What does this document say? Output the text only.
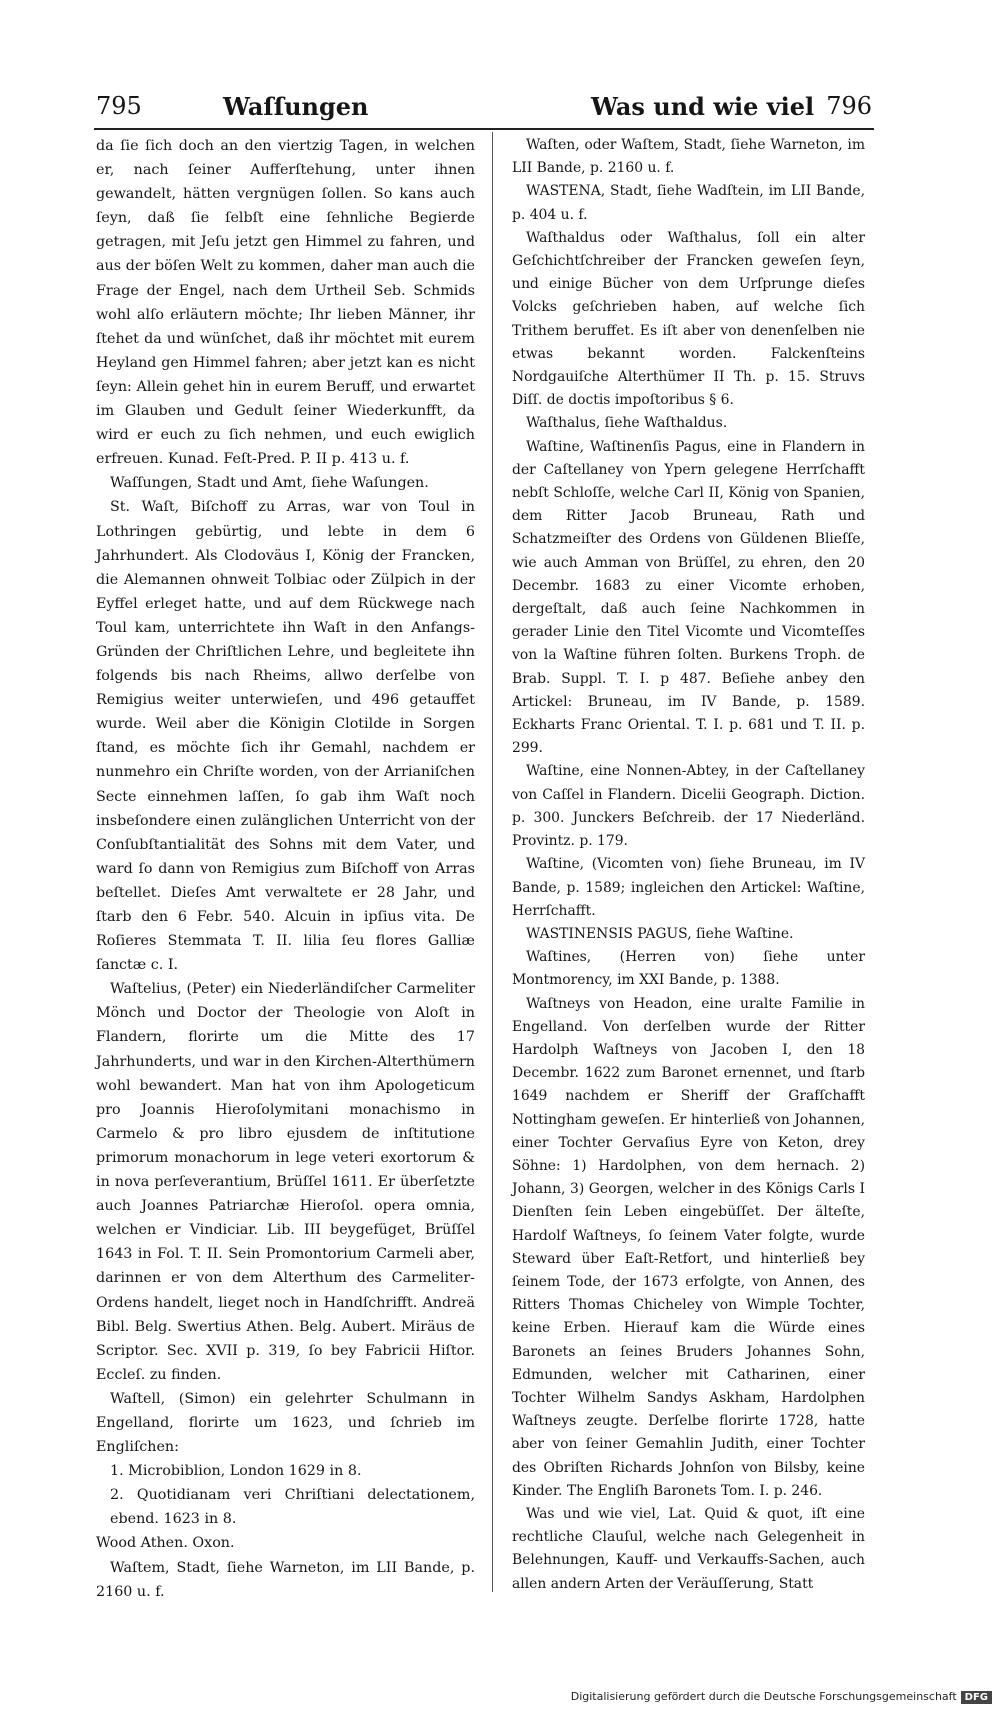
795	Waſſungen	Was und wie viel 796

da ſie ſich doch an den viertzig Tagen, in welchen er, nach ſeiner Aufferſtehung, unter ihnen gewandelt, hätten vergnügen ſollen. So kans auch ſeyn, daß ſie ſelbſt eine ſehnliche Begierde getragen, mit Jeſu jetzt gen Himmel zu fahren, und aus der böſen Welt zu kommen, daher man auch die Frage der Engel, nach dem Urtheil Seb. Schmids wohl alſo erläutern möchte; Ihr lieben Männer, ihr ſtehet da und wünſchet, daß ihr möchtet mit eurem Heyland gen Himmel fahren; aber jetzt kan es nicht ſeyn: Allein gehet hin in eurem Beruff, und erwartet im Glauben und Gedult ſeiner Wiederkunfft, da wird er euch zu ſich nehmen, und euch ewiglich erfreuen. Kunad. Feſt-Pred. P. II p. 413 u. f.

Waſſungen, Stadt und Amt, ſiehe Waſungen.

St. Waſt, Biſchoff zu Arras, war von Toul in Lothringen gebürtig, und lebte in dem 6 Jahrhundert. Als Clodoväus I, König der Francken, die Alemannen ohnweit Tolbiac oder Zülpich in der Eyffel erleget hatte, und auf dem Rückwege nach Toul kam, unterrichtete ihn Waſt in den Anfangs-Gründen der Chriſtlichen Lehre, und begleitete ihn folgends bis nach Rheims, allwo derſelbe von Remigius weiter unterwieſen, und 496 getauffet wurde. Weil aber die Königin Clotilde in Sorgen ſtand, es möchte ſich ihr Gemahl, nachdem er nunmehro ein Chriſte worden, von der Arrianiſchen Secte einnehmen laſſen, ſo gab ihm Waſt noch insbeſondere einen zulänglichen Unterricht von der Conſubſtantialität des Sohns mit dem Vater, und ward ſo dann von Remigius zum Biſchoff von Arras beſtellet. Dieſes Amt verwaltete er 28 Jahr, und ſtarb den 6 Febr. 540. Alcuin in ipſius vita. De Roſieres Stemmata T. II. lilia ſeu flores Galliæ ſanctæ c. I.

Waſtelius, (Peter) ein Niederländiſcher Carmeliter Mönch und Doctor der Theologie von Aloſt in Flandern, florirte um die Mitte des 17 Jahrhunderts, und war in den Kirchen-Alterthümern wohl bewandert. Man hat von ihm Apologeticum pro Joannis Hieroſolymitani monachismo in Carmelo & pro libro ejusdem de inſtitutione primorum monachorum in lege veteri exortorum & in nova perſeverantium, Brüſſel 1611. Er überſetzte auch Joannes Patriarchæ Hieroſol. opera omnia, welchen er Vindiciar. Lib. III beygefüget, Brüſſel 1643 in Fol. T. II. Sein Promontorium Carmeli aber, darinnen er von dem Alterthum des Carmeliter-Ordens handelt, lieget noch in Handſchrifft. Andreä Bibl. Belg. Swertius Athen. Belg. Aubert. Miräus de Scriptor. Sec. XVII p. 319, ſo bey Fabricii Hiſtor. Eccleſ. zu finden.

Waſtell, (Simon) ein gelehrter Schulmann in Engelland, florirte um 1623, und ſchrieb im Engliſchen:

1. Microbiblion, London 1629 in 8.

2. Quotidianam veri Chriſtiani delectationem, ebend. 1623 in 8.

Wood Athen. Oxon.

Waſtem, Stadt, ſiehe Warneton, im LII Bande, p. 2160 u. f.

Waſten, oder Waſtem, Stadt, ſiehe Warneton, im LII Bande, p. 2160 u. f.

WASTENA, Stadt, ſiehe Wadſtein, im LII Bande, p. 404 u. f.

Waſthaldus oder Waſthalus, ſoll ein alter Geſchichtſchreiber der Francken geweſen ſeyn, und einige Bücher von dem Urſprunge dieſes Volcks geſchrieben haben, auf welche ſich Trithem beruffet. Es iſt aber von denenſelben nie etwas bekannt worden. Falckenſteins Nordgauiſche Alterthümer II Th. p. 15. Struvs Diſſ. de doctis impoſtoribus § 6.

Waſthalus, ſiehe Waſthaldus.

Waſtine, Waſtinenſis Pagus, eine in Flandern in der Caſtellaney von Ypern gelegene Herrſchafft nebſt Schloſſe, welche Carl II, König von Spanien, dem Ritter Jacob Bruneau, Rath und Schatzmeiſter des Ordens von Güldenen Blieſſe, wie auch Amman von Brüſſel, zu ehren, den 20 Decembr. 1683 zu einer Vicomte erhoben, dergeſtalt, daß auch ſeine Nachkommen in gerader Linie den Titel Vicomte und Vicomteſſes von la Waſtine führen ſolten. Burkens Troph. de Brab. Suppl. T. I. p 487. Beſiehe anbey den Artickel: Bruneau, im IV Bande, p. 1589. Eckharts Franc Oriental. T. I. p. 681 und T. II. p. 299.

Waſtine, eine Nonnen-Abtey, in der Caſtellaney von Caſſel in Flandern. Dicelii Geograph. Diction. p. 300. Junckers Beſchreib. der 17 Niederländ. Provintz. p. 179.

Waſtine, (Vicomten von) ſiehe Bruneau, im IV Bande, p. 1589; ingleichen den Artickel: Waſtine, Herrſchafft.

WASTINENSIS PAGUS, ſiehe Waſtine.

Waſtines, (Herren von) ſiehe unter Montmorency, im XXI Bande, p. 1388.

Waſtneys von Headon, eine uralte Familie in Engelland. Von derſelben wurde der Ritter Hardolph Waſtneys von Jacoben I, den 18 Decembr. 1622 zum Baronet ernennet, und ſtarb 1649 nachdem er Sheriff der Grafſchafft Nottingham geweſen. Er hinterließ von Johannen, einer Tochter Gervaſius Eyre von Keton, drey Söhne: 1) Hardolphen, von dem hernach. 2) Johann, 3) Georgen, welcher in des Königs Carls I Dienſten ſein Leben eingebüſſet. Der älteſte, Hardolf Waſtneys, ſo ſeinem Vater folgte, wurde Steward über Eaſt-Retfort, und hinterließ bey ſeinem Tode, der 1673 erfolgte, von Annen, des Ritters Thomas Chicheley von Wimple Tochter, keine Erben. Hierauf kam die Würde eines Baronets an ſeines Bruders Johannes Sohn, Edmunden, welcher mit Catharinen, einer Tochter Wilhelm Sandys Askham, Hardolphen Waſtneys zeugte. Derſelbe florirte 1728, hatte aber von ſeiner Gemahlin Judith, einer Tochter des Obriſten Richards Johnſon von Bilsby, keine Kinder. The Engliſh Baronets Tom. I. p. 246.

Was und wie viel, Lat. Quid & quot, iſt eine rechtliche Clauſul, welche nach Gelegenheit in Belehnungen, Kauff- und Verkauffs-Sachen, auch allen andern Arten der Veräuſſerung, Statt

Digitalisierung gefördert durch die Deutsche Forschungsgemeinschaft DFG
